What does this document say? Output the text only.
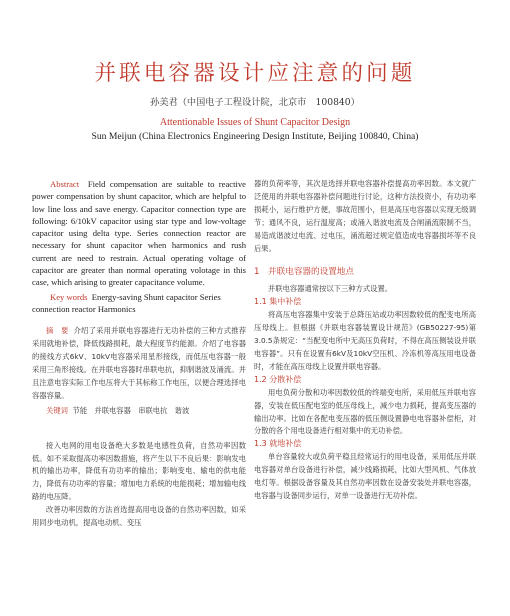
并联电容器设计应注意的问题
孙美君（中国电子工程设计院，北京市　100840）
Attentionable Issues of Shunt Capacitor Design
Sun Meijun (China Electronics Engineering Design Institute, Beijing 100840, China)

Abstract Field compensation are suitable to reactive power compensation by shunt capacitor, which are helpful to low line loss and save energy. Capacitor connection type are following: 6/10kV capacitor using star type and low-voltage capacitor using delta type. Series connection reactor are necessary for shunt capacitor when harmonics and rush current are need to restrain. Actual operating voltage of capacitor are greater than normal operating volotage in this case, which arising to greater capacitance volume.

Key words Energy-saving Shunt capacitor Series connection reactor Harmonics

摘　要 介绍了采用并联电容器进行无功补偿的三种方式推荐采用就地补偿，降低线路损耗，最大程度节约能源。介绍了电容器的接线方式6kV、10kV电容器采用星形接线，而低压电容器一般采用三角形接线。在并联电容器时串联电抗，抑制谐波及涌流。并且注意电容实际工作电压将大于其标称工作电压，以便合理选择电容器容量。

关键词 节能　并联电容器　串联电抗　谐波

接入电网的用电设备绝大多数是电感性负荷，自然功率因数低。如不采取提高功率因数措施，将产生以下不良后果：影响发电机的输出功率，降低有功功率的输出；影响变电、输电的供电能力，降低有功功率的容量；增加电力系统的电能损耗；增加输电线路的电压降。

改善功率因数的方法首选提高用电设备的自然功率因数，如采用同步电动机，提高电动机、变压

器的负荷率等，其次是选择并联电容器补偿提高功率因数。本文就广泛使用的并联电容器补偿问题进行讨论，这种方法投资小，有功功率损耗小，运行维护方便，事故范围小，但是高压电容器以实现无级调节；通风不良，运行温度高；或涌入谐波电流及合闸涌流限制不当，易造成谐波过电流、过电压，涌流超过规定值造成电容器损坏等不良后果。

1　并联电容器的设置地点

并联电容器通常按以下三种方式设置。

1.1 集中补偿

将高压电容器集中安装于总降压站或功率因数较低的配变电所高压母线上。但根据《并联电容器装置设计规范》(GB50227-95)第3.0.5条规定：“当配变电所中无高压负荷时，不得在高压侧装设并联电容器”。只有在设置有6kV及10kV空压机、冷冻机等高压用电设备时，才能在高压母线上设置并联电容器。

1.2 分散补偿

用电负荷分散和功率因数较低的终端变电所，采用低压并联电容器，安装在低压配电室的低压母线上，减少电力损耗，提高变压器的输出功率。比如在各配电变压器的低压侧设置静电电容器补偿柜，对分散的各个用电设备进行相对集中的无功补偿。

1.3 就地补偿

单台容量较大或负荷平稳且经常运行的用电设备，采用低压并联电容器对单台设备进行补偿，减少线路损耗，比如大型风机、气体放电灯等。根据设备容量及其自然功率因数在设备安装处并联电容器，电容器与设备同步运行，对单一设备进行无功补偿。
